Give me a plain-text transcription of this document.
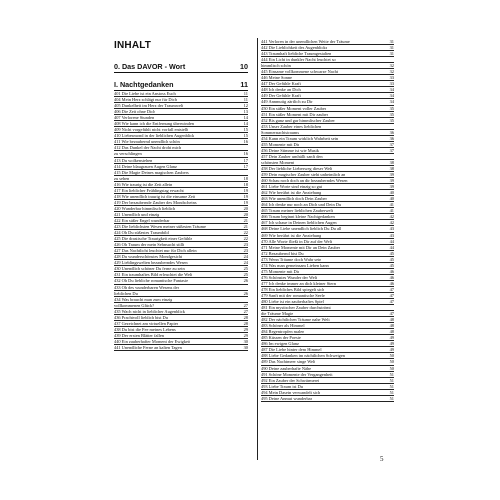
INHALT
0. Das DAVOR - Wort	10
I. Nachtgedanken	11
401 Die Liebe ist ein Anstoss Euch	11
404 Mein Herz schlägt nur für Dich	11
405 Dunkelheit im Herz der Traumwelt	12
406 Die Zeit ohne Dich	13
407 Verlorene Stunden	14
408 Wie kann ich die Entfernung überwinden	14
409 Nicht vorgefühlt nicht vorfall entstellt	15
410 Liebesmond in der lieblichen Augenblick	15
411 Wie bezaubernd unendlich schön	16
412 Das Dunkel der Nacht droht mich
zu verschlingen	16
413 Du wolkenstehen	17
414 Deine blaugrauen Augen Glanz	17
415 Die Magie Deines magischen Zaubers
zu sehen	18
416 Wie traurig ist die Zeit allein	18
417 Ein lieblicher Frühlingstag erwacht	19
418 Wie unendlich traurig ist die einsame Zeit	19
419 Der bezaubernde Zauber des Mondscheins	19
420 Wunderbar himmlisch lieblich	20
421 Unendlich und einzig	20
422 Ein süßer Engel wunderbar	21
423 Die lieblichsten Wesen meiner süßesten Träume	21
424 Oh Du süßestes Traumbild	22
425 Die drastische Traurigkeit einer Gefühle	22
426 Oh Traum der mein Sehnsucht stillt	23
427 Das Nachtlicht leuchtet nur für Dich allein	23
428 Du wunderschönstes Mondgesicht	24
429 Lieblingswelten bezauberndes Wesen	24
430 Unendlich schöner Du ferne zu sein	25
431 Ein traumhaftes Bild erleuchtet die Welt	25
432 Oh Du liebliche romantische Fantasie	26
433 Oh des wunderbaren Wesens der
lieblichen Du	26
434 Was braucht man zum einzig
vollkommenen Glück?	27
435 Wach nicht in lieblicher Augenblick	27
436 Prachtvoll lieblich bist Du	28
437 Gezeichnet am virtuellen Papier	28
438 Du bist die Fee meines Lebens	29
439 Der ersten Blätter fallen	29
440 Ein zauberhafter Moment der Ewigkeit	30
441 Unendliche Ferne an kalten Tagen	30
441 Verloren in der unendlichen Weite der Träume	31
442 Die Lieblichkeit des Augenblicks	31
443 Traumhaft liebliche Traumgestalten	31
444 Ein Licht in dunkler Nacht leuchtet so
himmlisch schön	32
445 Einsame vollkommene schwarze Nacht	32
446 Meine Sonne	33
447 Der Gefühle Kraft	33
448 Ich denke an Dich	34
449 Der Gefühle Kraft	34
449 Annmutig zärtlich zu Dir	34
450 Ein süßer Moment voller Zauber	35
451 Ein süßer Moment mit Dir zauber	35
452 Bis ganz und gar himmlischer Zauber	35
453 Unser Zauber eines lieblichen
Sommernachtstraums	36
454 Kann ein Traum wirklich Wahrheit sein	36
455 Momente mit Dir	37
456 Deine Stimme ist wie Musik	37
457 Dein Zauber umhüllt sanft den
schönsten Moment	38
458 Der liebliche Liebesweg dieser Welt	38
459 Dein magischer Zauber steht unheimlich an	39
460 Schau noch doch an dir bezauberndes Wesen	39
461 Liebe Worte sind einzig so gut	39
462 Wie berührt ist die Anziehung	40
463 Wie unendlich doch Dein Zauber	40
464 Ich denke nur noch an Dich und Dein Du	41
465 Traum meiner lieblichen Zauberwelt	41
466 Traum beginnt kleine Nachtgedanken	42
467 Ich schaue in Deinen lieblichen Augen	42
468 Deine Liebe unendlich lieblich Du Du all	43
469 Wie berührt ist die Anziehung	43
470 Alle Worte fließt in Dir auf der Welt	44
471 Meine Momente mit Dir an Dein Zauber	44
472 Bezaubernd bist Du	45
473 Wenn Träume doch Wahr sein	45
474 Was man gemeinsam Lieben kann	45
475 Momente mit Dir	46
476 Schönstes Wunder der Welt	46
477 Ich denke immer an dich kleiner Stern	46
478 Ein liebliches Bild spiegelt sich	47
479 Sanft mit der romantische Seele	47
480 Liebe ist ein zauberhaftes Spiel	47
481 Ein mystischer Zauber durchströmt
die Träume Magie	47
482 Der nächtlichen Träume nahe Welt	48
483 Schöner als Himmel	48
484 Regentropfen malen	48
485 Küssen der Poesie	49
486 Im ewigen Glanz	49
487 Die Liebe hinter dem Himmel	49
488 Liebe Gedanken im nächtlichen Schweigen	50
489 Das Nachtmeer singe Welt	50
490 Deine zauberhafte Nähe	50
491 Schöne Momente der Vergangenheit	51
492 Ein Zauber der Schwärmerei	51
493 Liebe Traum ist Du	51
494 Mein Dasein verwandelt sich	51
495 Deine Anmut wunderbar	51
5
